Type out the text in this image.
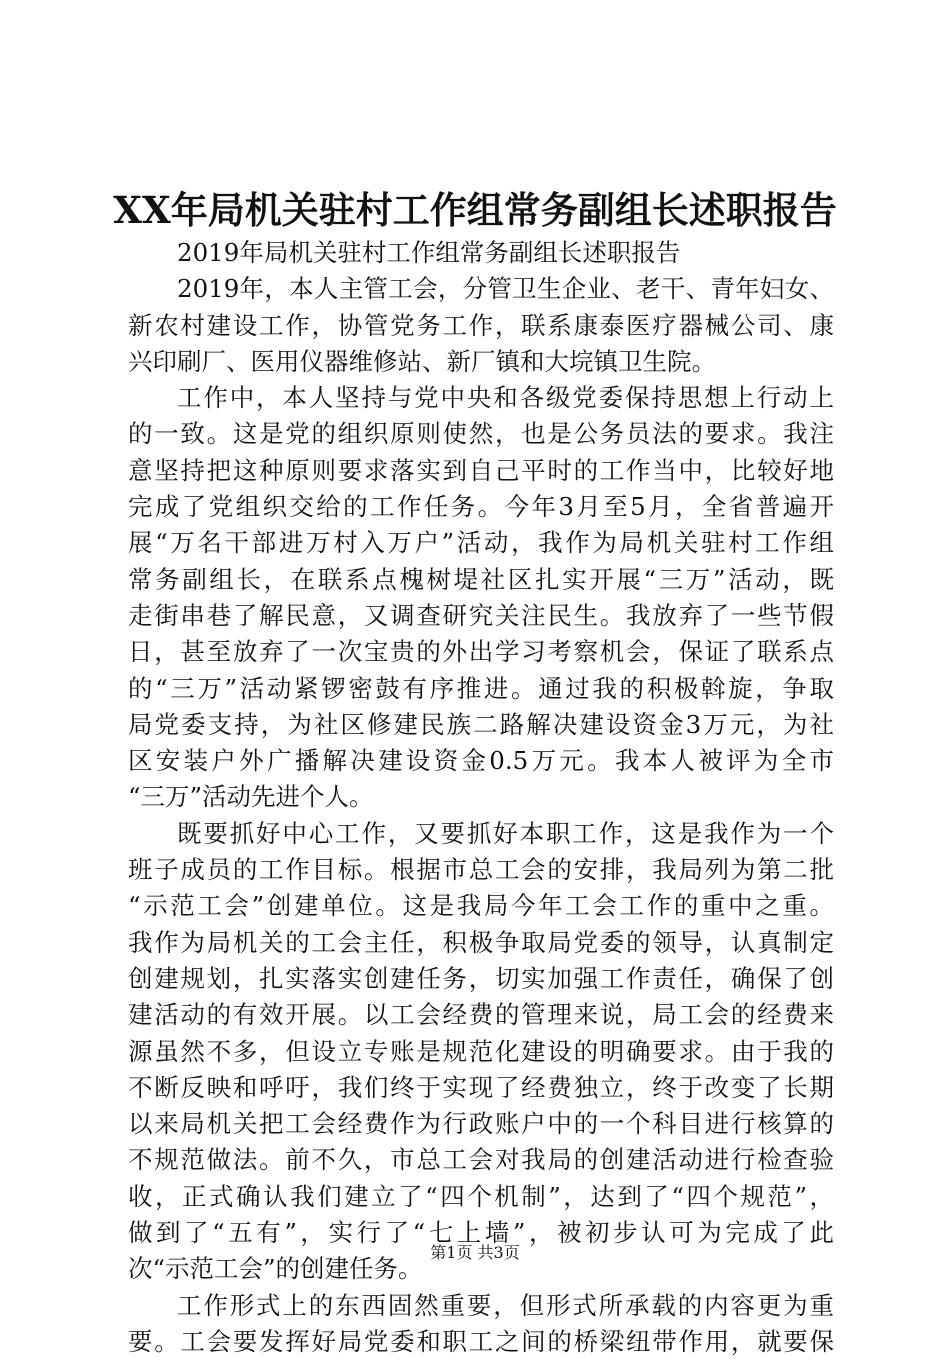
XX年局机关驻村工作组常务副组长述职报告
2019年局机关驻村工作组常务副组长述职报告
2019年，本人主管工会，分管卫生企业、老干、青年妇女、
新农村建设工作，协管党务工作，联系康泰医疗器械公司、康
兴印刷厂、医用仪器维修站、新厂镇和大垸镇卫生院。
工作中，本人坚持与党中央和各级党委保持思想上行动上
的一致。这是党的组织原则使然，也是公务员法的要求。我注
意坚持把这种原则要求落实到自己平时的工作当中，比较好地
完成了党组织交给的工作任务。今年3月至5月，全省普遍开
展“万名干部进万村入万户”活动，我作为局机关驻村工作组
常务副组长，在联系点槐树堤社区扎实开展“三万”活动，既
走街串巷了解民意，又调查研究关注民生。我放弃了一些节假
日，甚至放弃了一次宝贵的外出学习考察机会，保证了联系点
的“三万”活动紧锣密鼓有序推进。通过我的积极斡旋，争取
局党委支持，为社区修建民族二路解决建设资金3万元，为社
区安装户外广播解决建设资金0.5万元。我本人被评为全市
“三万”活动先进个人。
既要抓好中心工作，又要抓好本职工作，这是我作为一个
班子成员的工作目标。根据市总工会的安排，我局列为第二批
“示范工会”创建单位。这是我局今年工会工作的重中之重。
我作为局机关的工会主任，积极争取局党委的领导，认真制定
创建规划，扎实落实创建任务，切实加强工作责任，确保了创
建活动的有效开展。以工会经费的管理来说，局工会的经费来
源虽然不多，但设立专账是规范化建设的明确要求。由于我的
不断反映和呼吁，我们终于实现了经费独立，终于改变了长期
以来局机关把工会经费作为行政账户中的一个科目进行核算的
不规范做法。前不久，市总工会对我局的创建活动进行检查验
收，正式确认我们建立了“四个机制”，达到了“四个规范”，
做到了“五有”，实行了“七上墙”，被初步认可为完成了此
次“示范工会”的创建任务。
工作形式上的东西固然重要，但形式所承载的内容更为重
要。工会要发挥好局党委和职工之间的桥梁纽带作用，就要保
第1页 共3页
